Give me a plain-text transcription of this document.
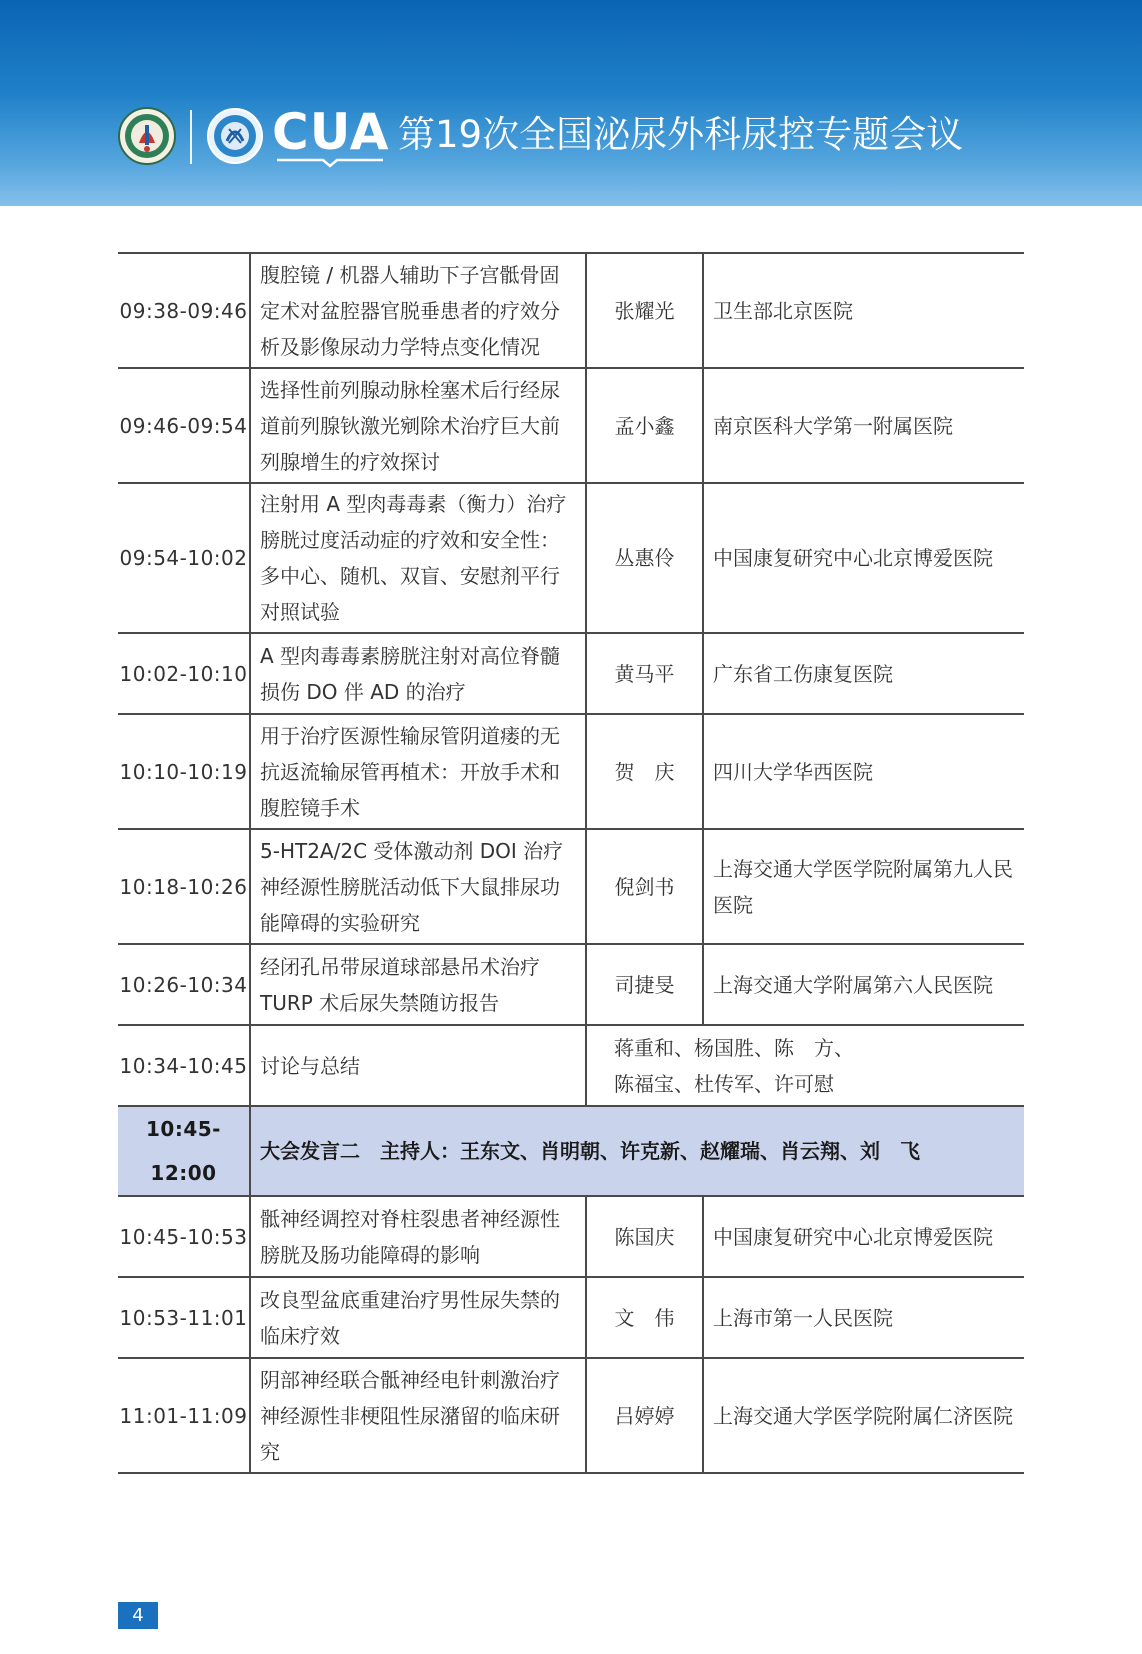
CUA 第19次全国泌尿外科尿控专题会议
09:38-09:46	腹腔镜 / 机器人辅助下子宫骶骨固定术对盆腔器官脱垂患者的疗效分析及影像尿动力学特点变化情况	张耀光	卫生部北京医院
09:46-09:54	选择性前列腺动脉栓塞术后行经尿道前列腺钬激光剜除术治疗巨大前列腺增生的疗效探讨	孟小鑫	南京医科大学第一附属医院
09:54-10:02	注射用 A 型肉毒毒素（衡力）治疗膀胱过度活动症的疗效和安全性：多中心、随机、双盲、安慰剂平行对照试验	丛惠伶	中国康复研究中心北京博爱医院
10:02-10:10	A 型肉毒毒素膀胱注射对高位脊髓损伤 DO 伴 AD 的治疗	黄马平	广东省工伤康复医院
10:10-10:19	用于治疗医源性输尿管阴道瘘的无抗返流输尿管再植术：开放手术和腹腔镜手术	贺　庆	四川大学华西医院
10:18-10:26	5-HT2A/2C 受体激动剂 DOI 治疗神经源性膀胱活动低下大鼠排尿功能障碍的实验研究	倪剑书	上海交通大学医学院附属第九人民医院
10:26-10:34	经闭孔吊带尿道球部悬吊术治疗 TURP 术后尿失禁随访报告	司捷旻	上海交通大学附属第六人民医院
10:34-10:45	讨论与总结	蒋重和、杨国胜、陈　方、
陈福宝、杜传军、许可慰	

10:45-12:00	大会发言二　主持人：王东文、肖明朝、许克新、赵耀瑞、肖云翔、刘　飞		
10:45-10:53	骶神经调控对脊柱裂患者神经源性膀胱及肠功能障碍的影响	陈国庆	中国康复研究中心北京博爱医院
10:53-11:01	改良型盆底重建治疗男性尿失禁的临床疗效	文　伟	上海市第一人民医院
11:01-11:09	阴部神经联合骶神经电针刺激治疗神经源性非梗阻性尿潴留的临床研究	吕婷婷	上海交通大学医学院附属仁济医院
4
